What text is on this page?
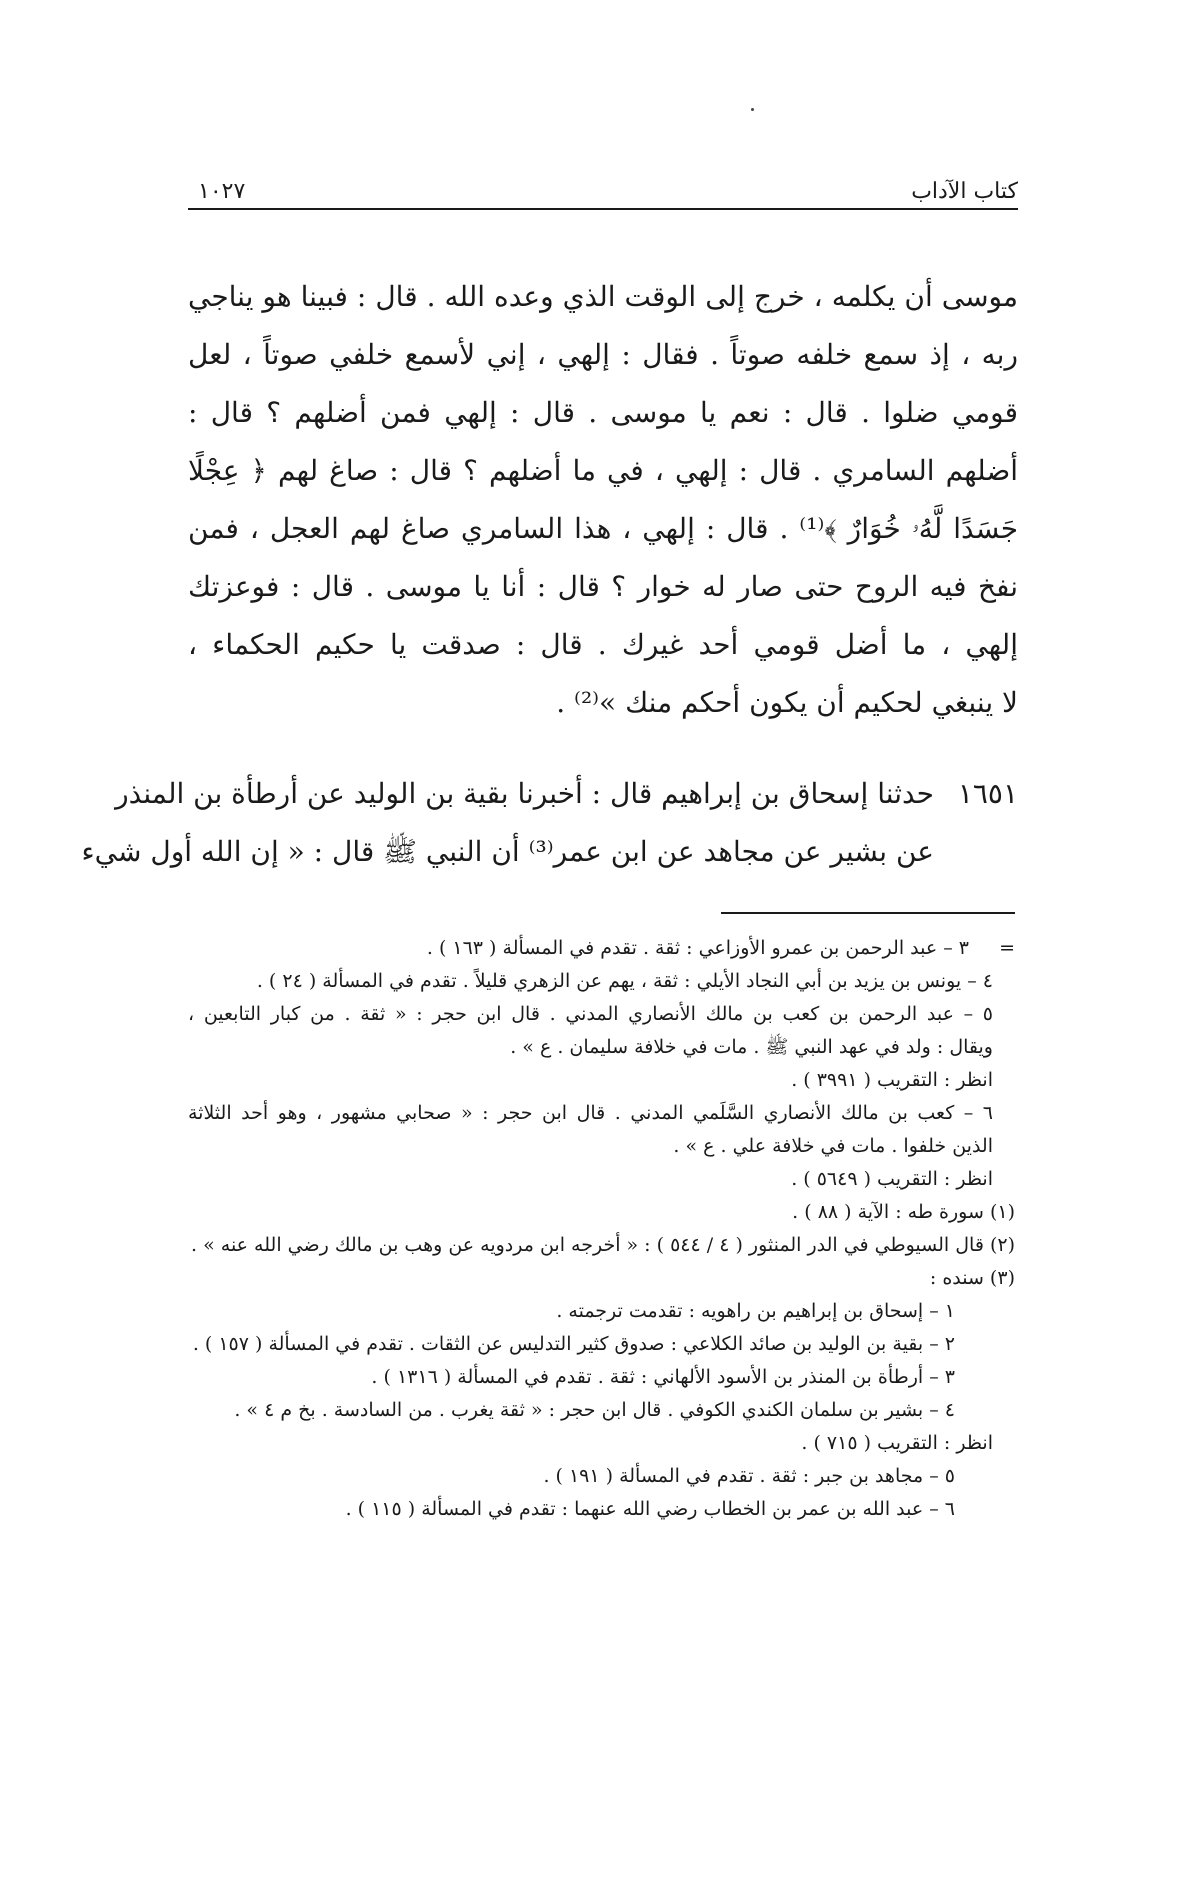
كتاب الآداب
١٠٢٧
موسى أن يكلمه ، خرج إلى الوقت الذي وعده الله . قال : فبينا هو يناجي
ربه ، إذ سمع خلفه صوتاً . فقال : إلهي ، إني لأسمع خلفي صوتاً ، لعل
قومي ضلوا . قال : نعم يا موسى . قال : إلهي فمن أضلهم ؟ قال :
أضلهم السامري . قال : إلهي ، في ما أضلهم ؟ قال : صاغ لهم ﴿ عِجْلًا
جَسَدًا لَّهُۥ خُوَارٌ ﴾⁽¹⁾ . قال : إلهي ، هذا السامري صاغ لهم العجل ، فمن
نفخ فيه الروح حتى صار له خوار ؟ قال : أنا يا موسى . قال : فوعزتك
إلهي ، ما أضل قومي أحد غيرك . قال : صدقت يا حكيم الحكماء ،
لا ينبغي لحكيم أن يكون أحكم منك »⁽²⁾ .
١٦٥١
حدثنا إسحاق بن إبراهيم قال : أخبرنا بقية بن الوليد عن أرطأة بن المنذر
عن بشير عن مجاهد عن ابن عمر⁽³⁾ أن النبي ﷺ قال : « إن الله أول شيء
=
٣ – عبد الرحمن بن عمرو الأوزاعي : ثقة . تقدم في المسألة ( ١٦٣ ) .
٤ – يونس بن يزيد بن أبي النجاد الأيلي : ثقة ، يهم عن الزهري قليلاً . تقدم في المسألة ( ٢٤ ) .
٥ – عبد الرحمن بن كعب بن مالك الأنصاري المدني . قال ابن حجر : « ثقة . من كبار التابعين ،
ويقال : ولد في عهد النبي ﷺ . مات في خلافة سليمان . ع » .
انظر : التقريب ( ٣٩٩١ ) .
٦ – كعب بن مالك الأنصاري السَّلَمي المدني . قال ابن حجر : « صحابي مشهور ، وهو أحد الثلاثة
الذين خلفوا . مات في خلافة علي . ع » .
انظر : التقريب ( ٥٦٤٩ ) .
(١) سورة طه : الآية ( ٨٨ ) .
(٢) قال السيوطي في الدر المنثور ( ٤ / ٥٤٤ ) : « أخرجه ابن مردويه عن وهب بن مالك رضي الله عنه » .
(٣) سنده :
١ – إسحاق بن إبراهيم بن راهويه : تقدمت ترجمته .
٢ – بقية بن الوليد بن صائد الكلاعي : صدوق كثير التدليس عن الثقات . تقدم في المسألة ( ١٥٧ ) .
٣ – أرطأة بن المنذر بن الأسود الألهاني : ثقة . تقدم في المسألة ( ١٣١٦ ) .
٤ – بشير بن سلمان الكندي الكوفي . قال ابن حجر : « ثقة يغرب . من السادسة . بخ م ٤ » .
انظر : التقريب ( ٧١٥ ) .
٥ – مجاهد بن جبر : ثقة . تقدم في المسألة ( ١٩١ ) .
٦ – عبد الله بن عمر بن الخطاب رضي الله عنهما : تقدم في المسألة ( ١١٥ ) .
